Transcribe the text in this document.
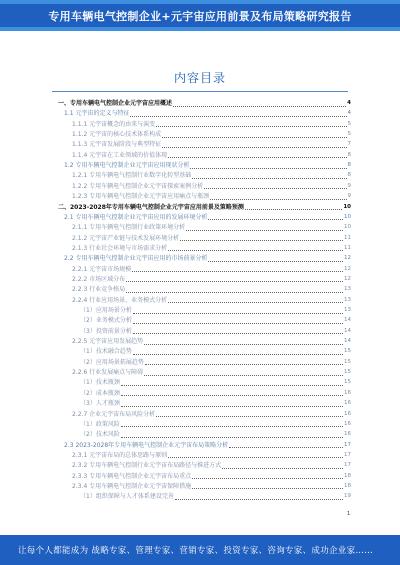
专用车辆电气控制企业+元宇宙应用前景及布局策略研究报告
内容目录
一、专用车辆电气控制企业元宇宙应用概述	4
1.1 元宇宙的定义与特征	4
1.1.1 元宇宙概念的由来与演变	5
1.1.2 元宇宙的核心技术体系构成	5
1.1.3 元宇宙发展阶段与典型特征	7
1.1.4 元宇宙在工业领域的价值体现	8
1.2 专用车辆电气控制企业元宇宙应用现状分析	8
1.2.1 专用车辆电气控制行业数字化转型基础	8
1.2.2 专用车辆电气控制企业元宇宙探索案例分析	9
1.2.3 专用车辆电气控制企业元宇宙应用痛点与瓶颈	9
二、2023-2028年专用车辆电气控制企业元宇宙应用前景及策略预测	10
2.1 专用车辆电气控制企业元宇宙应用的发展环境分析	10
2.1.1 专用车辆电气控制行业政策环境分析	10
2.1.2 元宇宙产业链与技术发展环境分析	11
2.1.3 行业社会环境与市场需求分析	11
2.2 专用车辆电气控制企业元宇宙应用的市场前景分析	12
2.2.1 元宇宙市场规模	12
2.2.2 市场区域分布	12
2.2.3 行业竞争格局	13
2.2.4 行业应用场景、业务模式分析	13
（1）应用场景分析	13
（2）业务模式分析	14
（3）投资前景分析	14
2.2.5 元宇宙应用发展趋势	14
（1）技术融合趋势	15
（2）应用场景拓展趋势	15
2.2.6 行业发展痛点与障碍	15
（1）技术瓶颈	15
（2）成本瓶颈	16
（3）人才瓶颈	16
2.2.7 企业元宇宙布局风险分析	16
（1）政策风险	16
（2）技术风险	16
2.3 2023-2028年专用车辆电气控制企业元宇宙布局策略分析	17
2.3.1 元宇宙布局的总体思路与原则	17
2.3.2 专用车辆电气控制行业元宇宙布局路径与推进方式	17
2.3.3 专用车辆电气控制企业元宇宙布局重点	18
2.3.4 专用车辆电气控制企业元宇宙保障措施	18
（1）组织保障与人才体系建设完善	19
1
让每个人都能成为 战略专家、管理专家、营销专家、投资专家、咨询专家、成功企业家……
